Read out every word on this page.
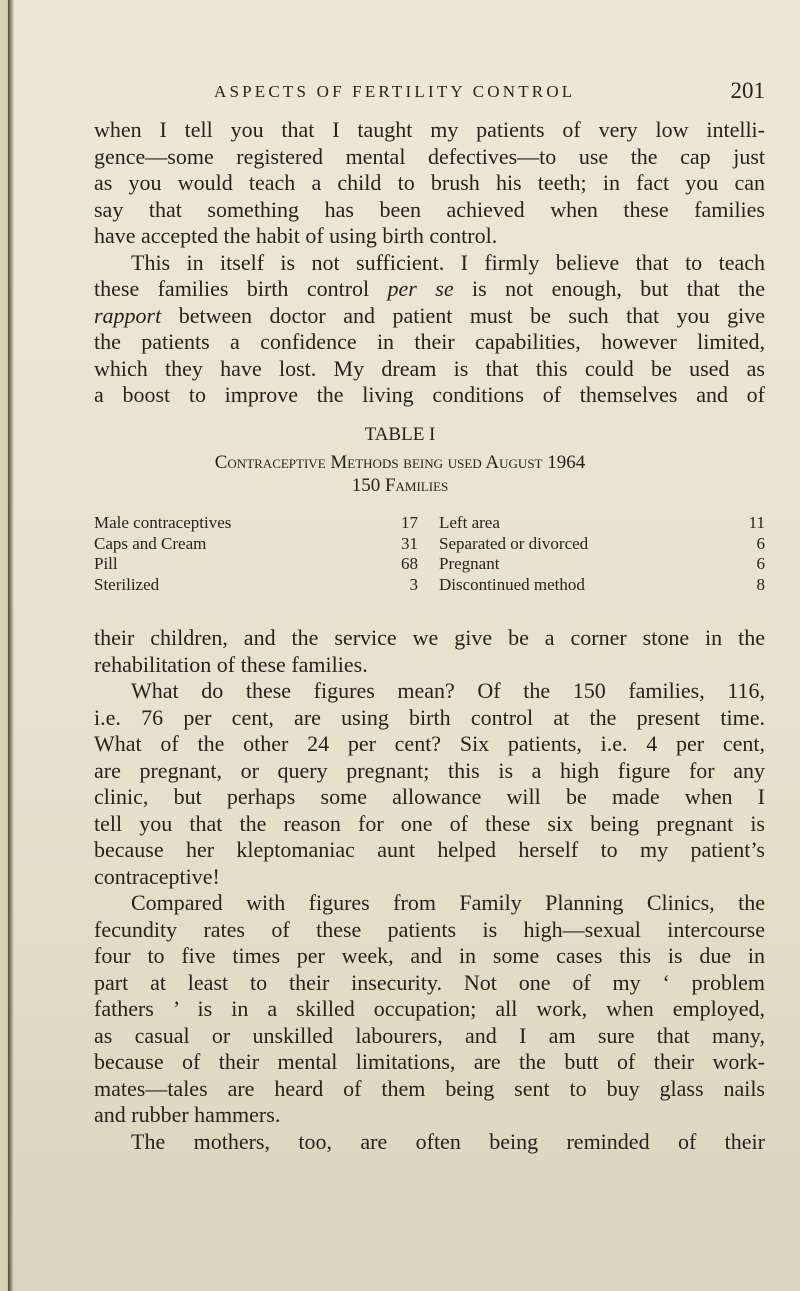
ASPECTS OF FERTILITY CONTROL	201
when I tell you that I taught my patients of very low intelli-
gence—some registered mental defectives—to use the cap just
as you would teach a child to brush his teeth; in fact you can
say that something has been achieved when these families
have accepted the habit of using birth control.
This in itself is not sufficient. I firmly believe that to teach
these families birth control per se is not enough, but that the
rapport between doctor and patient must be such that you give
the patients a confidence in their capabilities, however limited,
which they have lost. My dream is that this could be used as
a boost to improve the living conditions of themselves and of
TABLE I
Contraceptive Methods being used August 1964
150 Families
Male contraceptives	17 Left area	11
Caps and Cream	31 Separated or divorced	6
Pill	68 Pregnant	6
Sterilized	3 Discontinued method	8
their children, and the service we give be a corner stone in the
rehabilitation of these families.
What do these figures mean? Of the 150 families, 116,
i.e. 76 per cent, are using birth control at the present time.
What of the other 24 per cent? Six patients, i.e. 4 per cent,
are pregnant, or query pregnant; this is a high figure for any
clinic, but perhaps some allowance will be made when I
tell you that the reason for one of these six being pregnant is
because her kleptomaniac aunt helped herself to my patient’s
contraceptive!
Compared with figures from Family Planning Clinics, the
fecundity rates of these patients is high—sexual intercourse
four to five times per week, and in some cases this is due in
part at least to their insecurity. Not one of my ‘ problem
fathers ’ is in a skilled occupation; all work, when employed,
as casual or unskilled labourers, and I am sure that many,
because of their mental limitations, are the butt of their work-
mates—tales are heard of them being sent to buy glass nails
and rubber hammers.
The mothers, too, are often being reminded of their
